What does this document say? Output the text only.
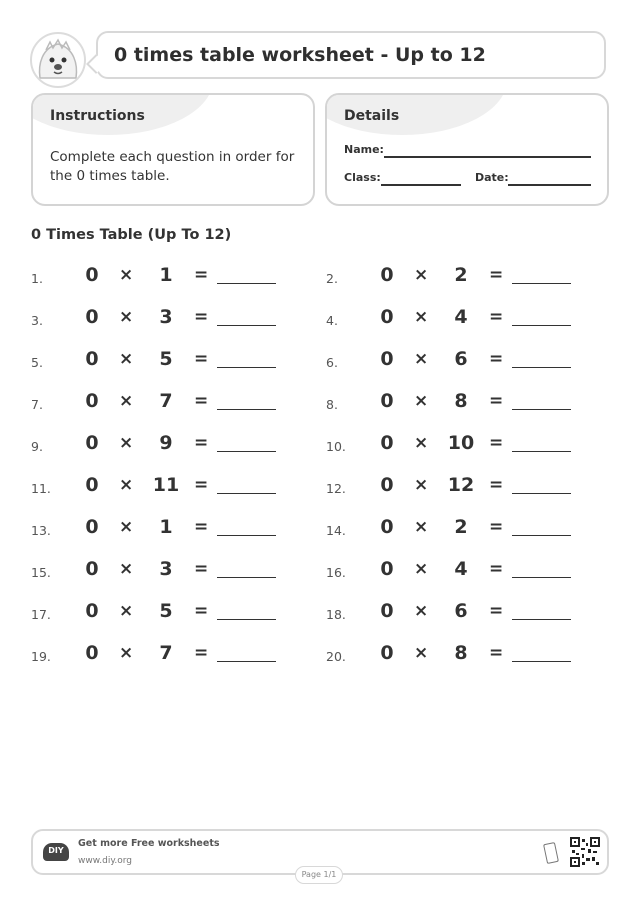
0 times table worksheet - Up to 12
Instructions
Complete each question in order for the 0 times table.
Details
Name:
Class:	Date:
0 Times Table (Up To 12)
1. 0 ×	1	=	2. 0 ×	2	=
3. 0 ×	3	=	4. 0 ×	4	=
5. 0 ×	5	=	6. 0 ×	6	=
7. 0 ×	7	=	8. 0 ×	8	=
9. 0 ×	9	=	10. 0 × 10 =
11. 0 × 11 =	12. 0 × 12 =
13. 0 ×	1	=	14. 0 ×	2	=
15. 0 ×	3	=	16. 0 ×	4	=
17. 0 ×	5	=	18. 0 ×	6	=
19. 0 ×	7	=	20. 0 ×	8	=
DIY
Get more Free worksheets
www.diy.org
Page 1/1
